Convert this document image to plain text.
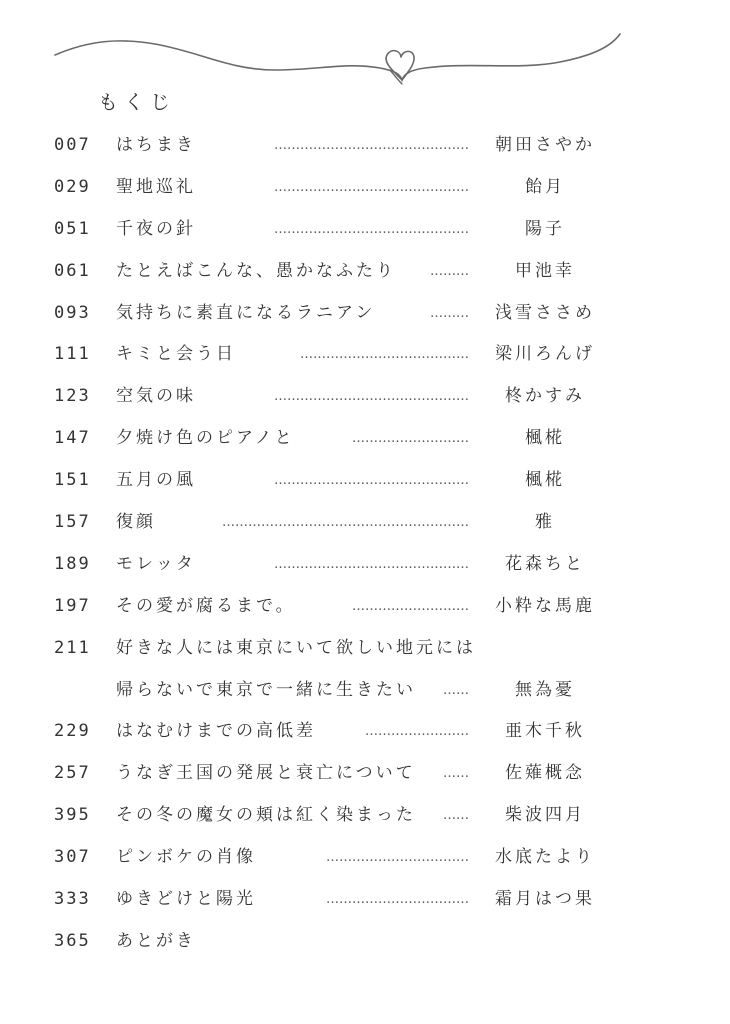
もくじ
007	はちまき	………………………………………	朝田さやか
029	聖地巡礼	………………………………………	飴月
051	千夜の針	………………………………………	陽子
061	たとえばこんな、愚かなふたり	………	甲池幸
093	気持ちに素直になるラニアン	………	浅雪ささめ
111	キミと会う日	…………………………………	梁川ろんげ
123	空気の味	………………………………………	柊かすみ
147	夕焼け色のピアノと	………………………	楓椛
151	五月の風	………………………………………	楓椛
157	復顔	…………………………………………………	雅
189	モレッタ	………………………………………	花森ちと
197	その愛が腐るまで。	………………………	小粋な馬鹿
211	好きな人には東京にいて欲しい地元には
帰らないで東京で一緒に生きたい ……	無為憂
229	はなむけまでの高低差	……………………	亜木千秋
257	うなぎ王国の発展と衰亡について ……	佐薙概念
395	その冬の魔女の頬は紅く染まった ……	柴波四月
307	ピンボケの肖像	……………………………	水底たより
333	ゆきどけと陽光	……………………………	霜月はつ果
365	あとがき
